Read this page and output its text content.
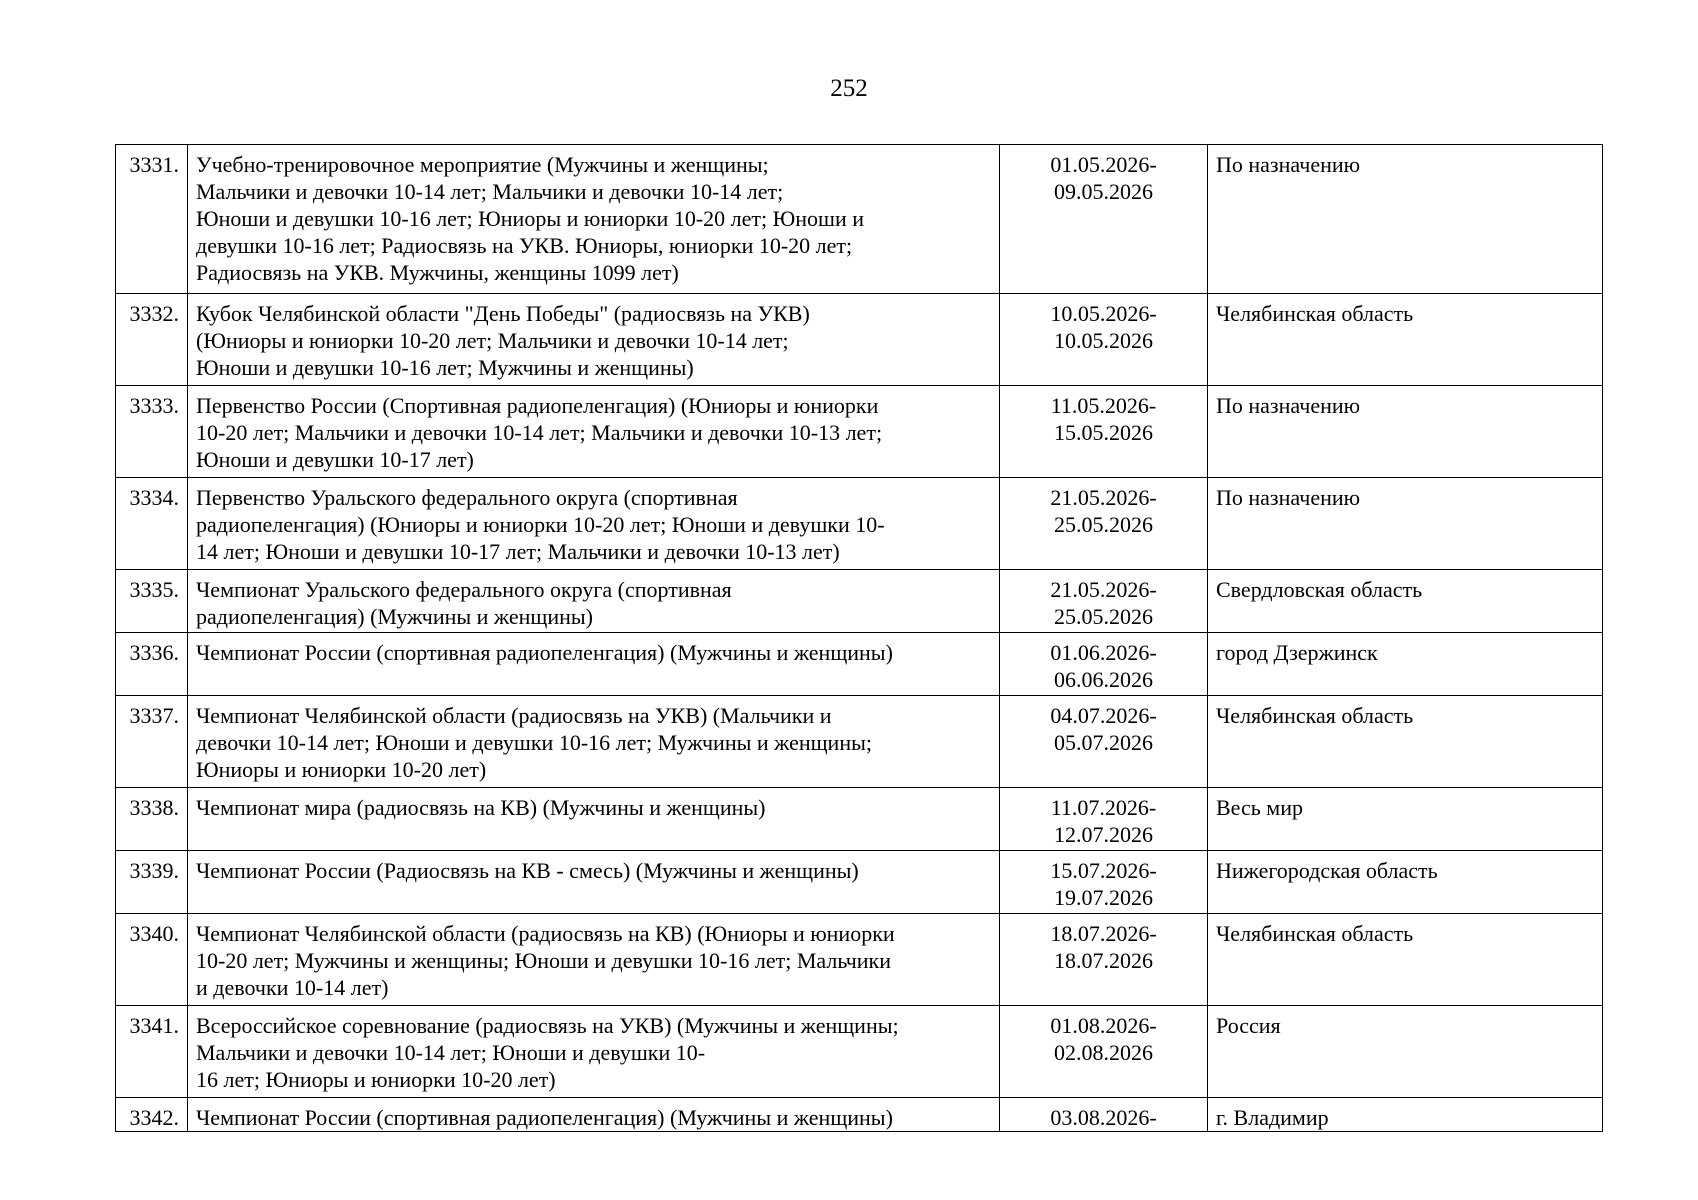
252
3331.	Учебно-тренировочное мероприятие (Мужчины и женщины;
Мальчики и девочки 10-14 лет; Мальчики и девочки 10-14 лет;
Юноши и девушки 10-16 лет; Юниоры и юниорки 10-20 лет; Юноши и
девушки 10-16 лет; Радиосвязь на УКВ. Юниоры, юниорки 10-20 лет;
Радиосвязь на УКВ. Мужчины, женщины 1099 лет)	01.05.2026-
09.05.2026	По назначению
3332.	Кубок Челябинской области "День Победы" (радиосвязь на УКВ)
(Юниоры и юниорки 10-20 лет; Мальчики и девочки 10-14 лет;
Юноши и девушки 10-16 лет; Мужчины и женщины)	10.05.2026-
10.05.2026	Челябинская область
3333.	Первенство России (Спортивная радиопеленгация) (Юниоры и юниорки
10-20 лет; Мальчики и девочки 10-14 лет; Мальчики и девочки 10-13 лет;
Юноши и девушки 10-17 лет)	11.05.2026-
15.05.2026	По назначению
3334.	Первенство Уральского федерального округа (спортивная
радиопеленгация) (Юниоры и юниорки 10-20 лет; Юноши и девушки 10-
14 лет; Юноши и девушки 10-17 лет; Мальчики и девочки 10-13 лет)	21.05.2026-
25.05.2026	По назначению
3335.	Чемпионат Уральского федерального округа (спортивная
радиопеленгация) (Мужчины и женщины)	21.05.2026-
25.05.2026	Свердловская область
3336.	Чемпионат России (спортивная радиопеленгация) (Мужчины и женщины)	01.06.2026-
06.06.2026	город Дзержинск
3337.	Чемпионат Челябинской области (радиосвязь на УКВ) (Мальчики и
девочки 10-14 лет; Юноши и девушки 10-16 лет; Мужчины и женщины;
Юниоры и юниорки 10-20 лет)	04.07.2026-
05.07.2026	Челябинская область
3338.	Чемпионат мира (радиосвязь на КВ) (Мужчины и женщины)	11.07.2026-
12.07.2026	Весь мир
3339.	Чемпионат России (Радиосвязь на КВ - смесь) (Мужчины и женщины)	15.07.2026-
19.07.2026	Нижегородская область
3340.	Чемпионат Челябинской области (радиосвязь на КВ) (Юниоры и юниорки
10-20 лет; Мужчины и женщины; Юноши и девушки 10-16 лет; Мальчики
и девочки 10-14 лет)	18.07.2026-
18.07.2026	Челябинская область
3341.	Всероссийское соревнование (радиосвязь на УКВ) (Мужчины и женщины;
Мальчики и девочки 10-14 лет; Юноши и девушки 10-
16 лет; Юниоры и юниорки 10-20 лет)	01.08.2026-
02.08.2026	Россия
3342.	Чемпионат России (спортивная радиопеленгация) (Мужчины и женщины)	03.08.2026-	г. Владимир
